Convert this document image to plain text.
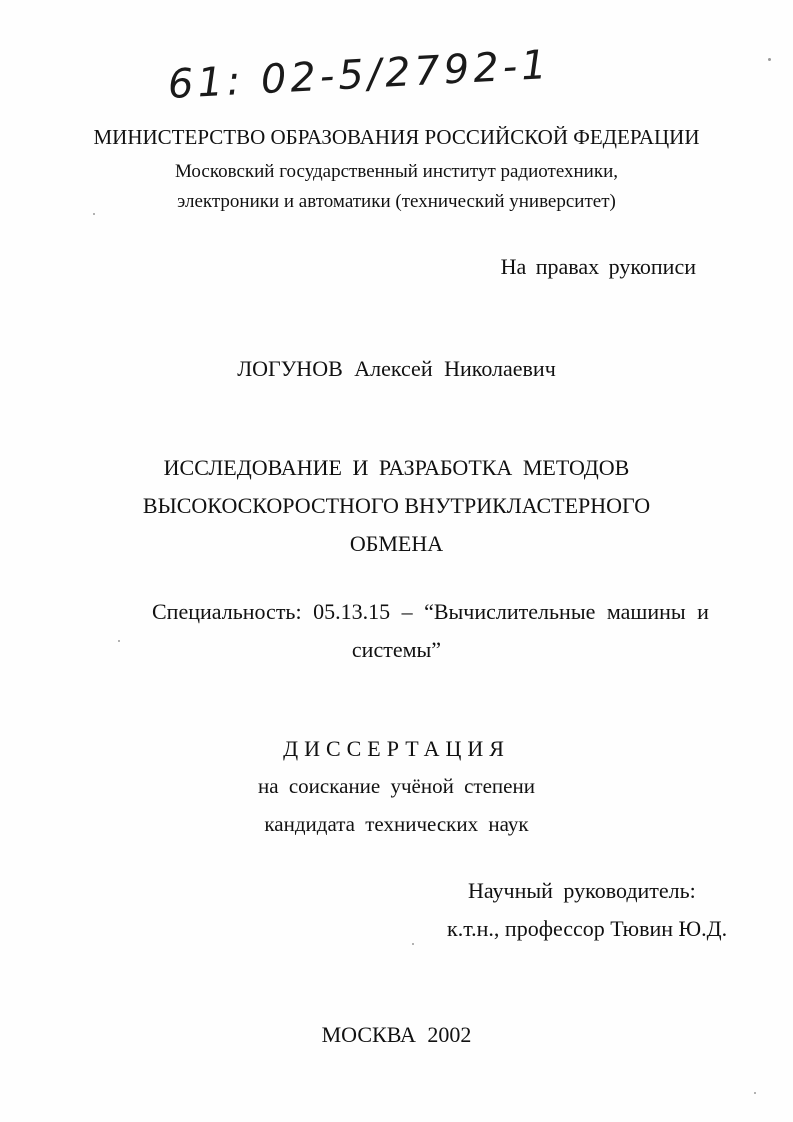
61: 02-5/2792-1
МИНИСТЕРСТВО ОБРАЗОВАНИЯ РОССИЙСКОЙ ФЕДЕРАЦИИ
Московский государственный институт радиотехники,
электроники и автоматики (технический университет)
На правах рукописи
ЛОГУНОВ Алексей Николаевич
ИССЛЕДОВАНИЕ И РАЗРАБОТКА МЕТОДОВ
ВЫСОКОСКОРОСТНОГО ВНУТРИКЛАСТЕРНОГО
ОБМЕНА
Специальность: 05.13.15 – “Вычислительные машины и
системы”
ДИССЕРТАЦИЯ
на соискание учёной степени
кандидата технических наук
Научный руководитель:
к.т.н., профессор Тювин Ю.Д.
МОСКВА 2002
